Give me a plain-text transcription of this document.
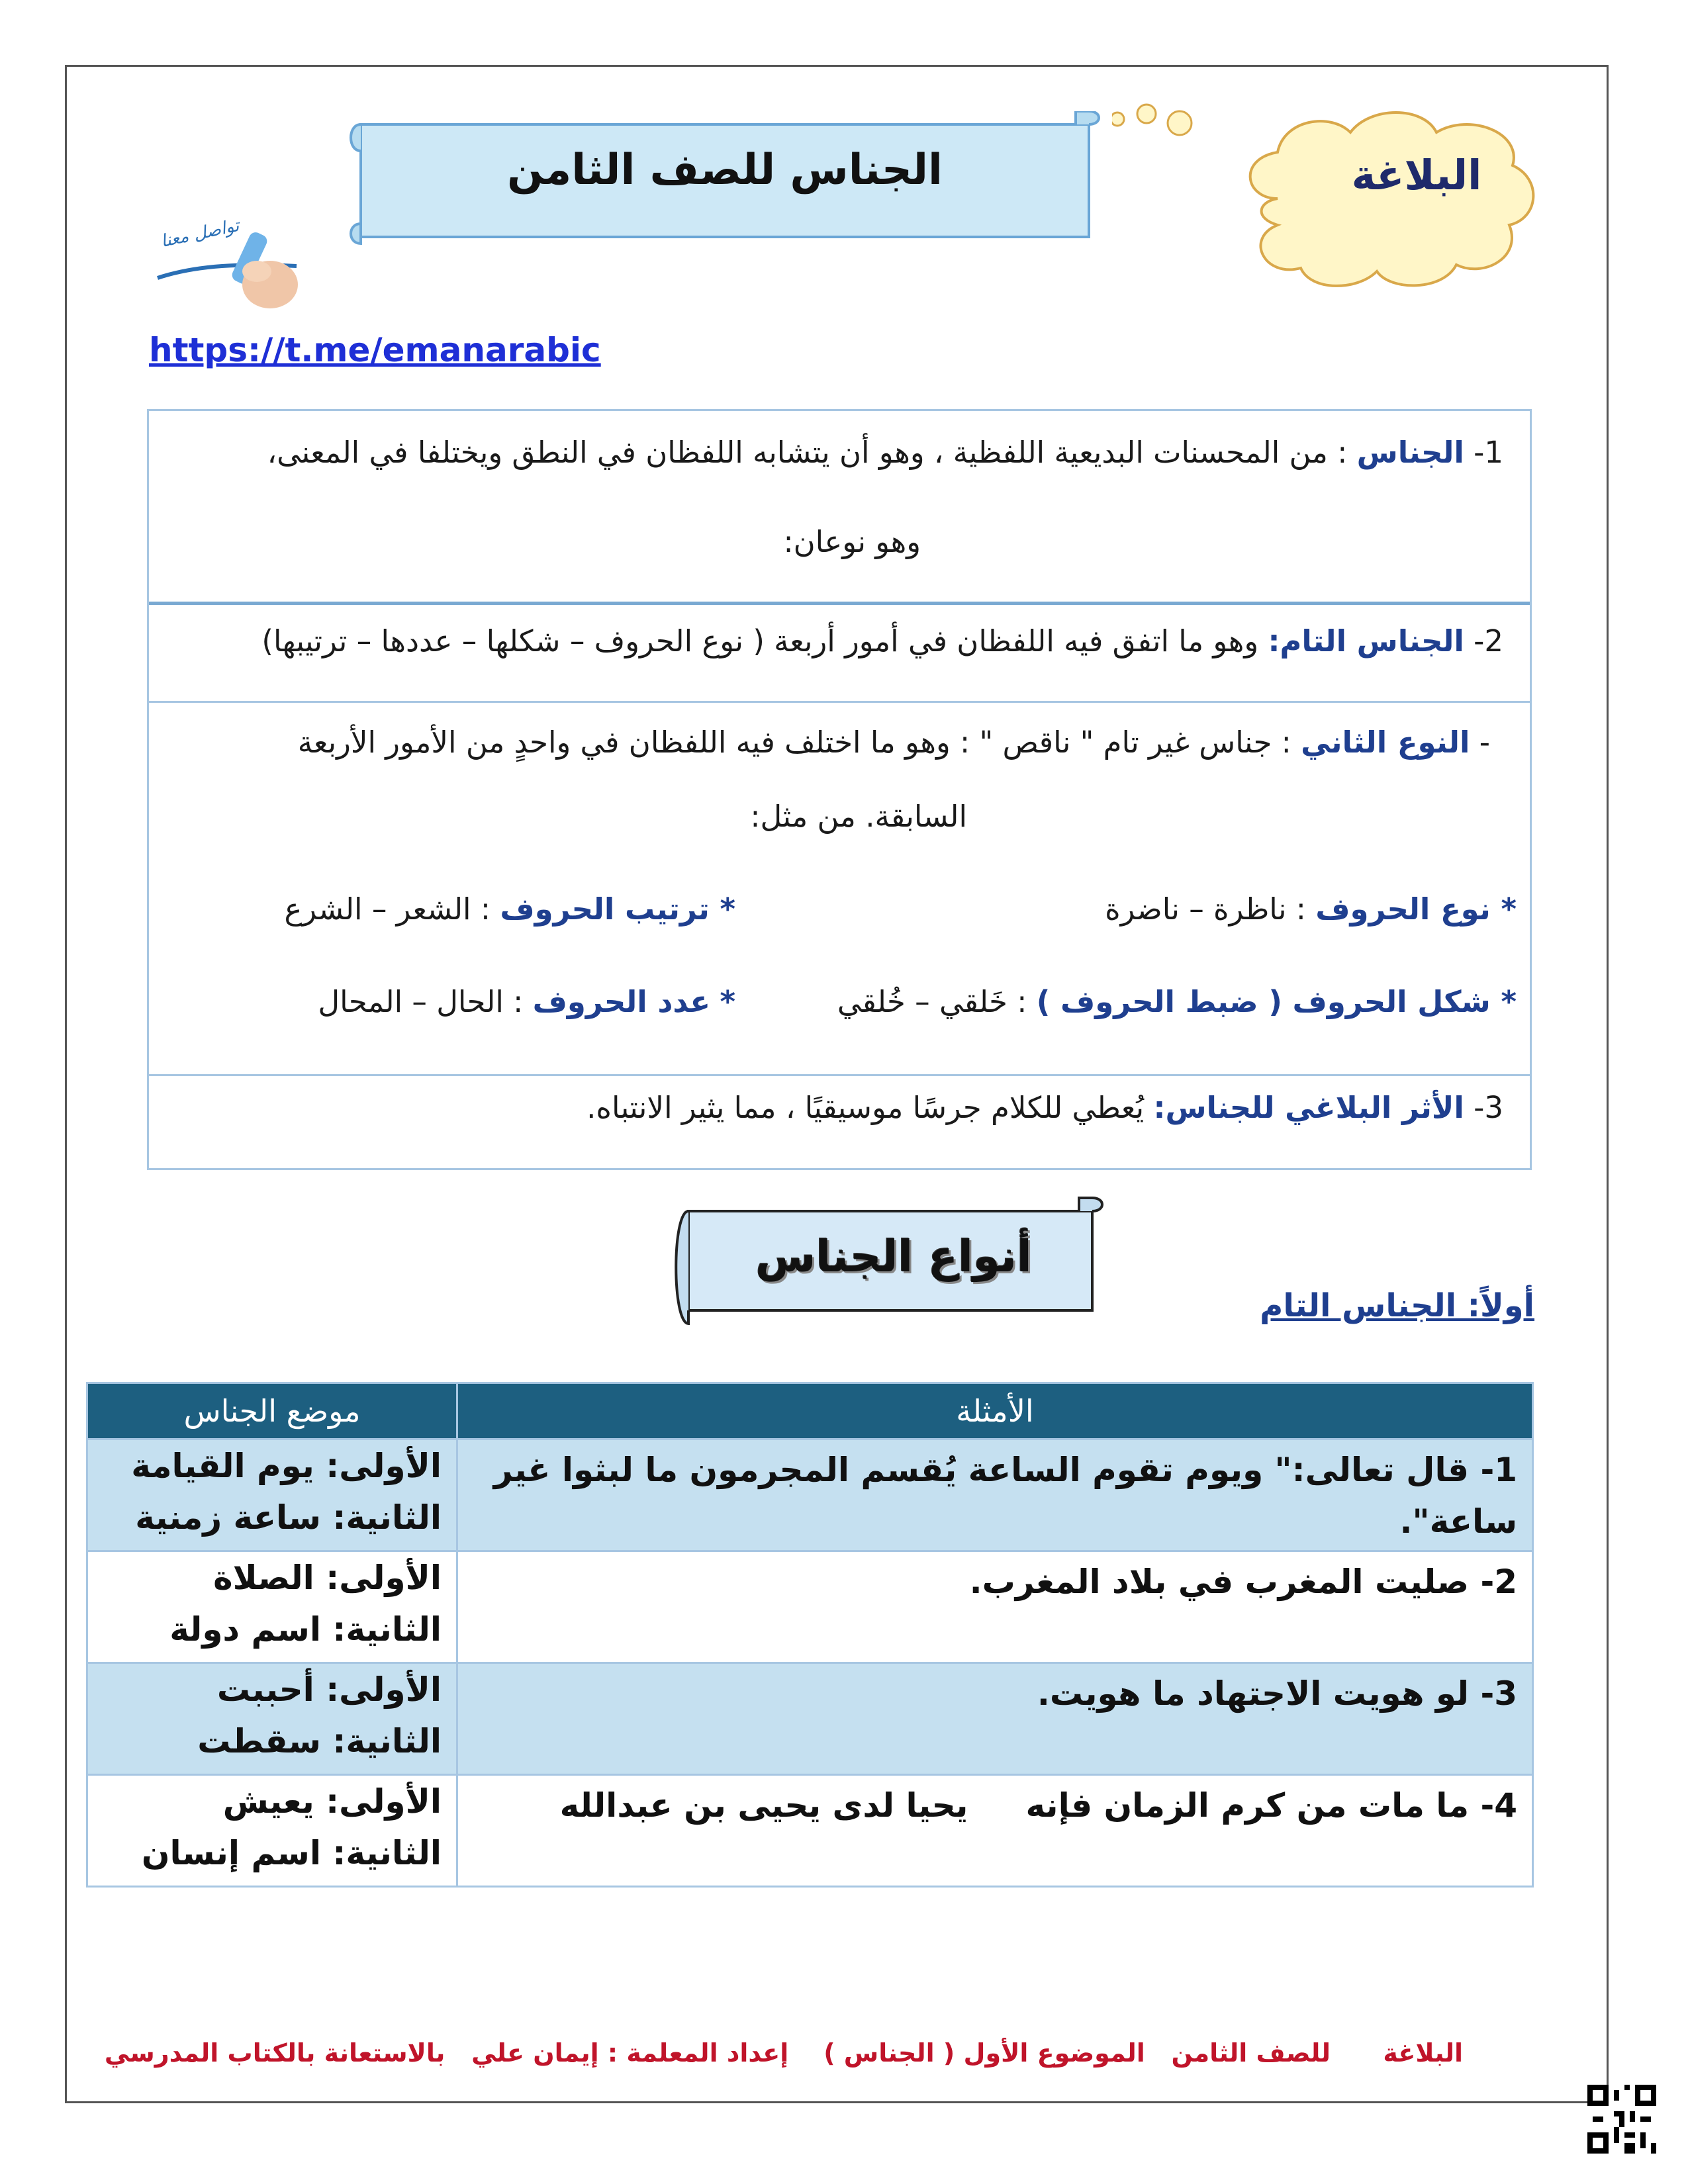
البلاغة
الجناس للصف الثامن
تواصل معنا
https://t.me/emanarabic
1- الجناس : من المحسنات البديعية اللفظية ، وهو أن يتشابه اللفظان في النطق ويختلفا في المعنى،
وهو نوعان:
2- الجناس التام: وهو ما اتفق فيه اللفظان في أمور أربعة ( نوع الحروف – شكلها – عددها – ترتيبها)
- النوع الثاني : جناس غير تام " ناقص " : وهو ما اختلف فيه اللفظان في واحدٍ من الأمور الأربعة
السابقة. من مثل:
* نوع الحروف : ناظرة – ناضرة
* ترتيب الحروف : الشعر – الشرع
* شكل الحروف ( ضبط الحروف ) : خَلقي – خُلقي
* عدد الحروف : الحال – المحال
3- الأثر البلاغي للجناس: يُعطي للكلام جرسًا موسيقيًا ، مما يثير الانتباه.
أنواع الجناس
أولاً: الجناس التام
الأمثلة	موضع الجناس
1- قال تعالى:" ويوم تقوم الساعة يُقسم المجرمون ما لبثوا غير ساعة".	الأولى: يوم القيامة
الثانية: ساعة زمنية

2- صليت المغرب في بلاد المغرب.	الأولى: الصلاة
الثانية: اسم دولة

3- لو هويت الاجتهاد ما هويت.	الأولى: أحببت
الثانية: سقطت

4- ما مات من كرم الزمان فإنه     يحيا لدى يحيى بن عبدالله	الأولى: يعيش
الثانية: اسم إنسان
البلاغة      للصف الثامن   الموضوع الأول ( الجناس )    إعداد المعلمة : إيمان علي   بالاستعانة بالكتاب المدرسي
